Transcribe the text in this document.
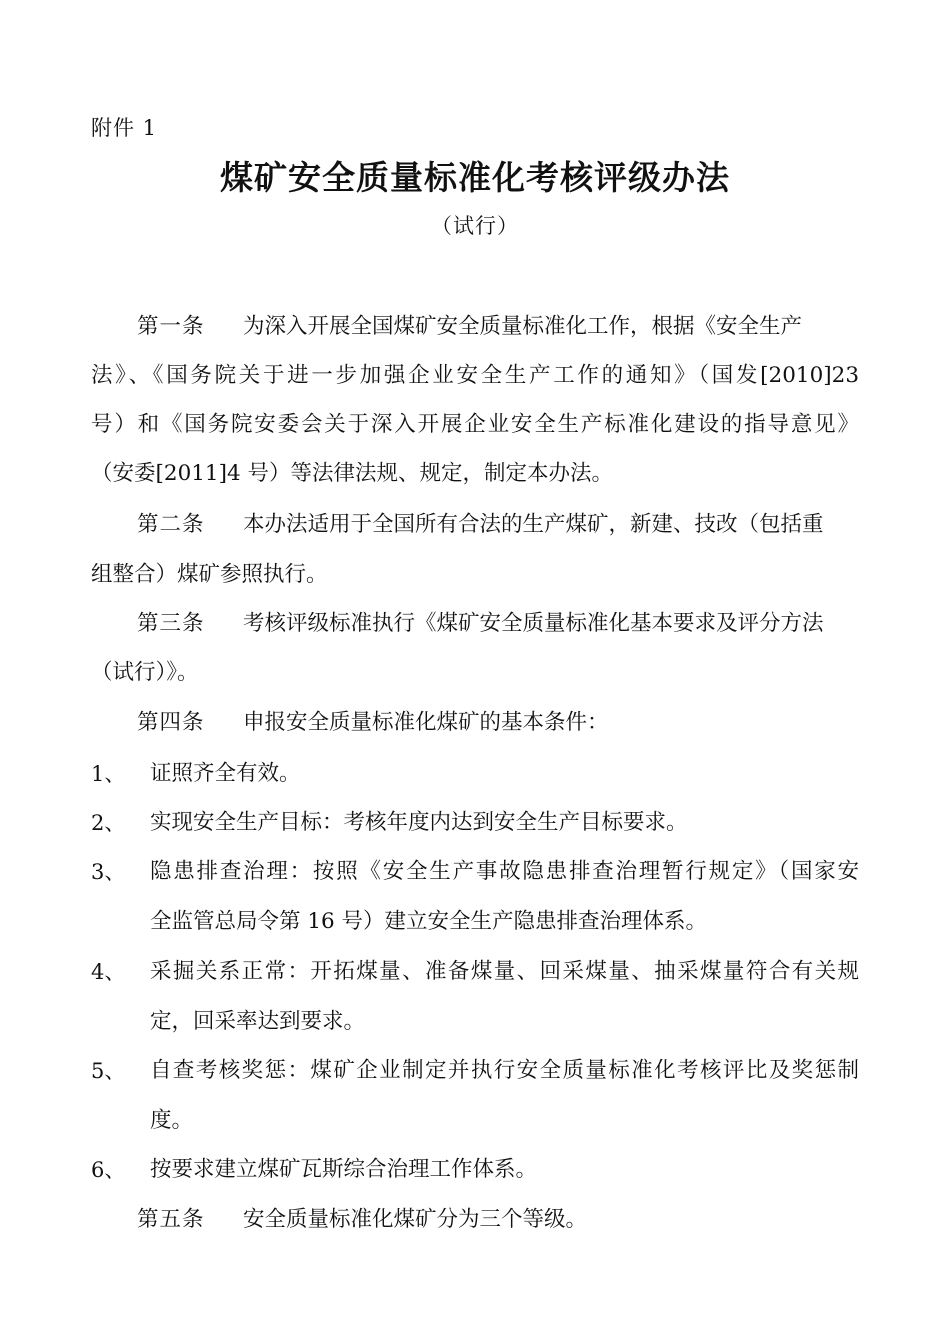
附件 1
煤矿安全质量标准化考核评级办法
（试行）
第一条 为深入开展全国煤矿安全质量标准化工作，根据《安全生产
法》、《国务院关于进一步加强企业安全生产工作的通知》（国发[2010]23
号）和《国务院安委会关于深入开展企业安全生产标准化建设的指导意见》
（安委[2011]4 号）等法律法规、规定，制定本办法。
第二条 本办法适用于全国所有合法的生产煤矿，新建、技改（包括重
组整合）煤矿参照执行。
第三条 考核评级标准执行《煤矿安全质量标准化基本要求及评分方法
（试行）》。
第四条 申报安全质量标准化煤矿的基本条件：
1、 证照齐全有效。
2、 实现安全生产目标：考核年度内达到安全生产目标要求。
3、 隐患排查治理：按照《安全生产事故隐患排查治理暂行规定》（国家安
全监管总局令第 16 号）建立安全生产隐患排查治理体系。
4、 采掘关系正常：开拓煤量、准备煤量、回采煤量、抽采煤量符合有关规
定，回采率达到要求。
5、 自查考核奖惩：煤矿企业制定并执行安全质量标准化考核评比及奖惩制
度。
6、 按要求建立煤矿瓦斯综合治理工作体系。
第五条 安全质量标准化煤矿分为三个等级。
